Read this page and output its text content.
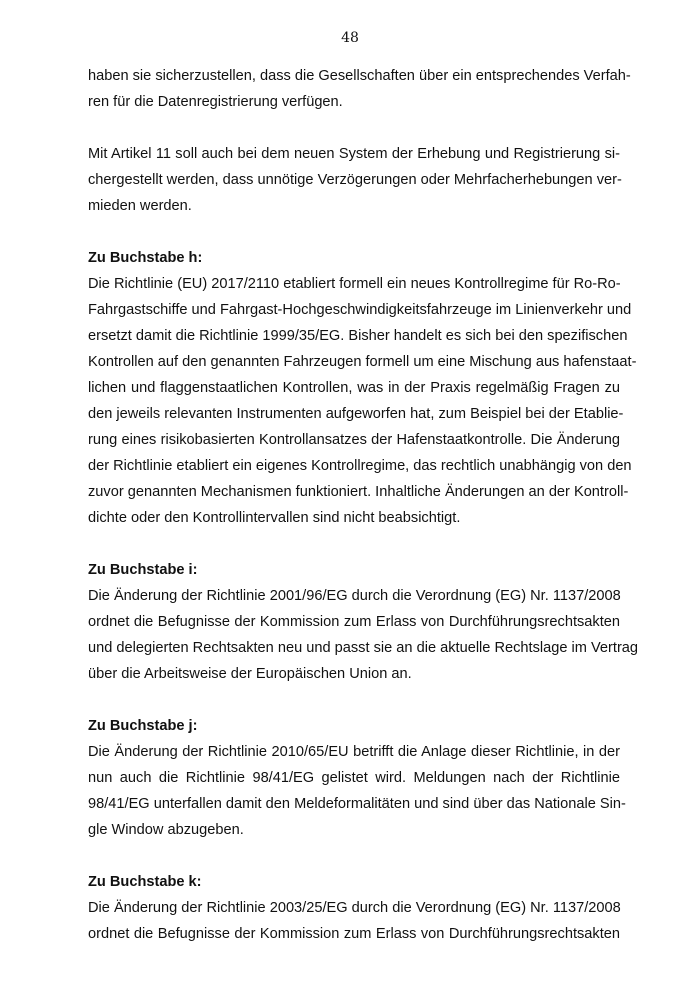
48

haben sie sicherzustellen, dass die Gesellschaften über ein entsprechendes Verfah-
ren für die Datenregistrierung verfügen.

Mit Artikel 11 soll auch bei dem neuen System der Erhebung und Registrierung si-
chergestellt werden, dass unnötige Verzögerungen oder Mehrfacherhebungen ver-
mieden werden.

Zu Buchstabe h:

Die Richtlinie (EU) 2017/2110 etabliert formell ein neues Kontrollregime für Ro-Ro-
Fahrgastschiffe und Fahrgast-Hochgeschwindigkeitsfahrzeuge im Linienverkehr und
ersetzt damit die Richtlinie 1999/35/EG. Bisher handelt es sich bei den spezifischen
Kontrollen auf den genannten Fahrzeugen formell um eine Mischung aus hafenstaat-
lichen und flaggenstaatlichen Kontrollen, was in der Praxis regelmäßig Fragen zu
den jeweils relevanten Instrumenten aufgeworfen hat, zum Beispiel bei der Etablie-
rung eines risikobasierten Kontrollansatzes der Hafenstaatkontrolle. Die Änderung
der Richtlinie etabliert ein eigenes Kontrollregime, das rechtlich unabhängig von den
zuvor genannten Mechanismen funktioniert. Inhaltliche Änderungen an der Kontroll-
dichte oder den Kontrollintervallen sind nicht beabsichtigt.

Zu Buchstabe i:

Die Änderung der Richtlinie 2001/96/EG durch die Verordnung (EG) Nr. 1137/2008
ordnet die Befugnisse der Kommission zum Erlass von Durchführungsrechtsakten
und delegierten Rechtsakten neu und passt sie an die aktuelle Rechtslage im Vertrag
über die Arbeitsweise der Europäischen Union an.

Zu Buchstabe j:

Die Änderung der Richtlinie 2010/65/EU betrifft die Anlage dieser Richtlinie, in der
nun auch die Richtlinie 98/41/EG gelistet wird. Meldungen nach der Richtlinie
98/41/EG unterfallen damit den Meldeformalitäten und sind über das Nationale Sin-
gle Window abzugeben.

Zu Buchstabe k:

Die Änderung der Richtlinie 2003/25/EG durch die Verordnung (EG) Nr. 1137/2008
ordnet die Befugnisse der Kommission zum Erlass von Durchführungsrechtsakten
